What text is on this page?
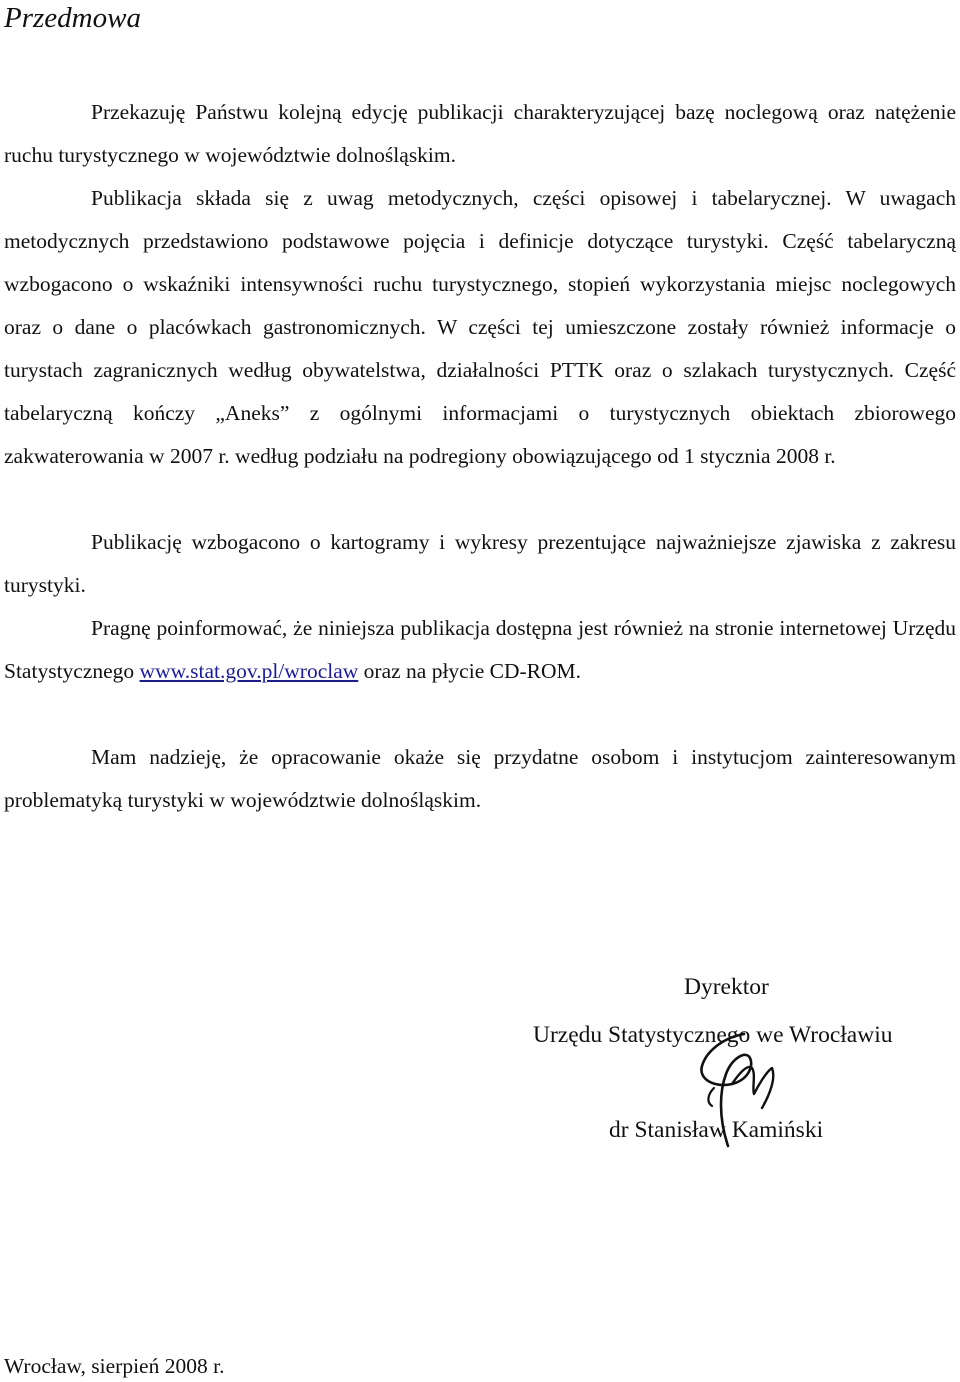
Przedmowa

Przekazuję Państwu kolejną edycję publikacji charakteryzującej bazę noclegową oraz natężenie ruchu turystycznego w województwie dolnośląskim.

Publikacja składa się z uwag metodycznych, części opisowej i tabelarycznej. W uwagach metodycznych przedstawiono podstawowe pojęcia i definicje dotyczące turystyki. Część tabelaryczną wzbogacono o wskaźniki intensywności ruchu turystycznego, stopień wykorzystania miejsc noclegowych oraz o dane o placówkach gastronomicznych. W części tej umieszczone zostały również informacje o turystach zagranicznych według obywatelstwa, działalności PTTK oraz o szlakach turystycznych. Część tabelaryczną kończy „Aneks” z ogólnymi informacjami o turystycznych obiektach zbiorowego zakwaterowania w 2007 r. według podziału na podregiony obowiązującego od 1 stycznia 2008 r.

Publikację wzbogacono o kartogramy i wykresy prezentujące najważniejsze zjawiska z zakresu turystyki.

Pragnę poinformować, że niniejsza publikacja dostępna jest również na stronie internetowej Urzędu Statystycznego www.stat.gov.pl/wroclaw oraz na płycie CD-ROM.

Mam nadzieję, że opracowanie okaże się przydatne osobom i instytucjom zainteresowanym problematyką turystyki w województwie dolnośląskim.

Dyrektor
Urzędu Statystycznego we Wrocławiu
dr Stanisław Kamiński
Wrocław, sierpień 2008 r.
